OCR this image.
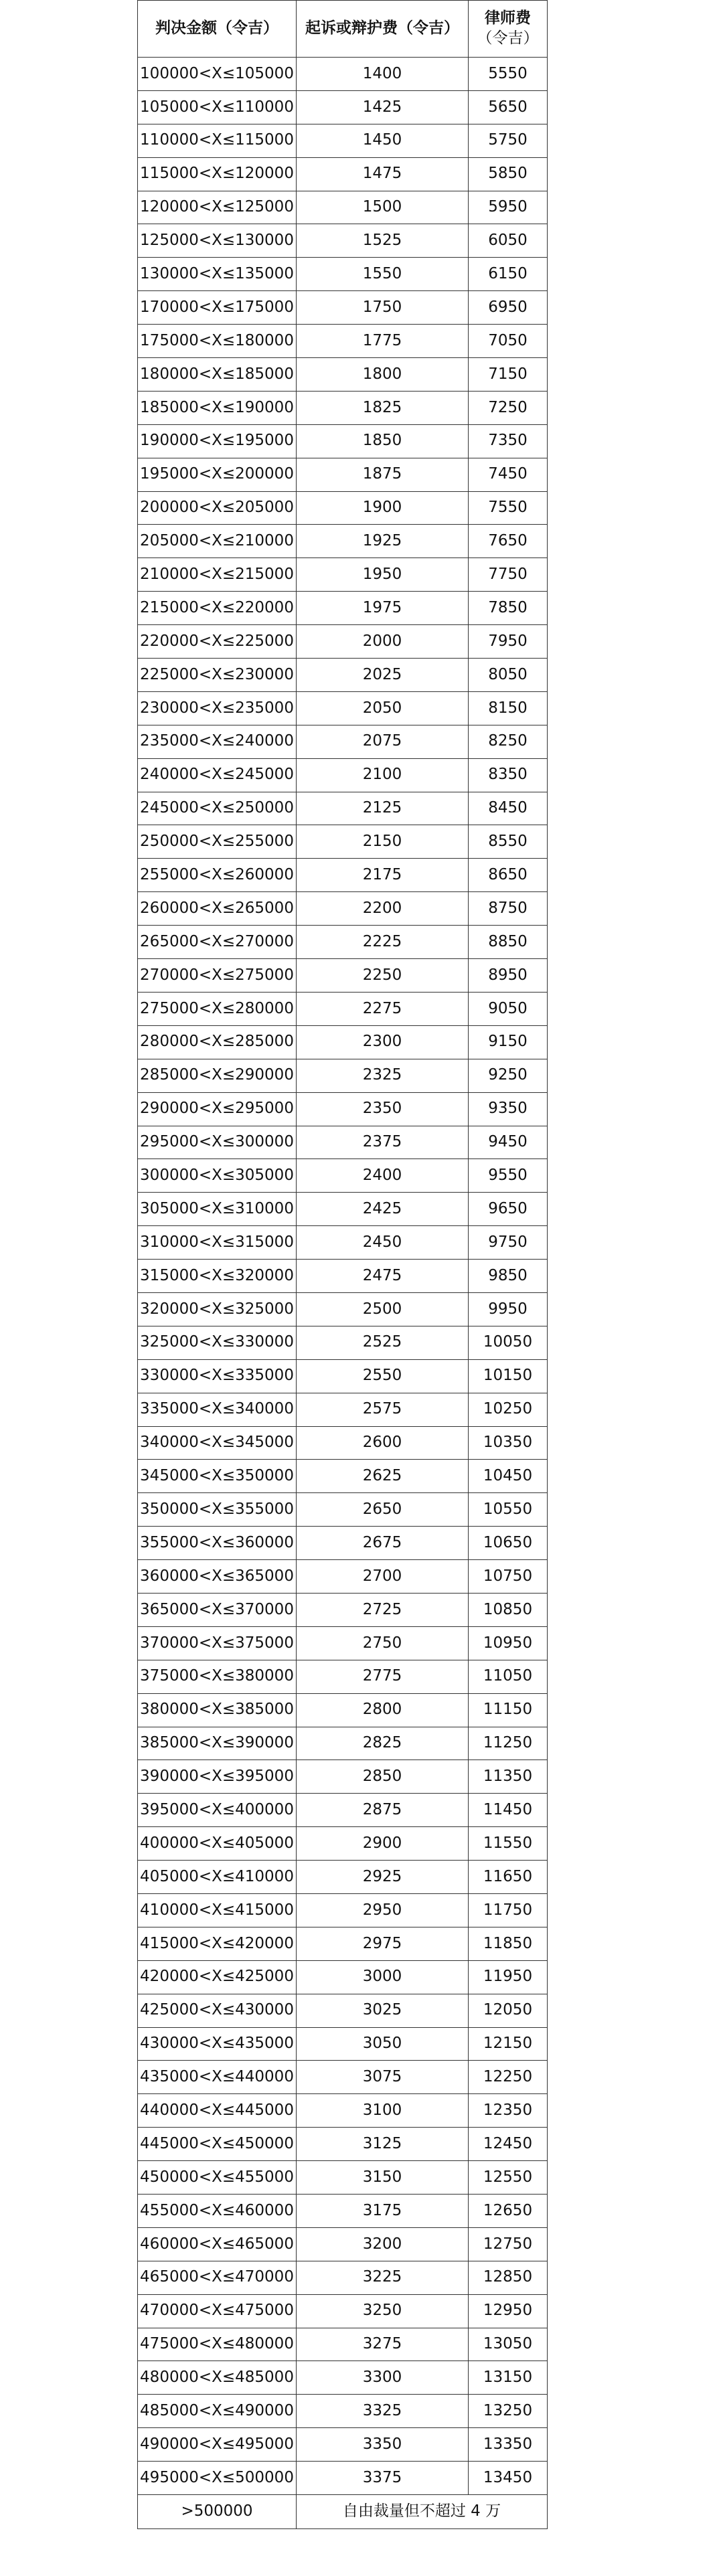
判决金额（令吉）	起诉或辩护费（令吉）	律师费
（令吉）

100000<X≤105000	1400	5550
105000<X≤110000	1425	5650
110000<X≤115000	1450	5750
115000<X≤120000	1475	5850
120000<X≤125000	1500	5950
125000<X≤130000	1525	6050
130000<X≤135000	1550	6150
170000<X≤175000	1750	6950
175000<X≤180000	1775	7050
180000<X≤185000	1800	7150
185000<X≤190000	1825	7250
190000<X≤195000	1850	7350
195000<X≤200000	1875	7450
200000<X≤205000	1900	7550
205000<X≤210000	1925	7650
210000<X≤215000	1950	7750
215000<X≤220000	1975	7850
220000<X≤225000	2000	7950
225000<X≤230000	2025	8050
230000<X≤235000	2050	8150
235000<X≤240000	2075	8250
240000<X≤245000	2100	8350
245000<X≤250000	2125	8450
250000<X≤255000	2150	8550
255000<X≤260000	2175	8650
260000<X≤265000	2200	8750
265000<X≤270000	2225	8850
270000<X≤275000	2250	8950
275000<X≤280000	2275	9050
280000<X≤285000	2300	9150
285000<X≤290000	2325	9250
290000<X≤295000	2350	9350
295000<X≤300000	2375	9450
300000<X≤305000	2400	9550
305000<X≤310000	2425	9650
310000<X≤315000	2450	9750
315000<X≤320000	2475	9850
320000<X≤325000	2500	9950
325000<X≤330000	2525	10050
330000<X≤335000	2550	10150
335000<X≤340000	2575	10250
340000<X≤345000	2600	10350
345000<X≤350000	2625	10450
350000<X≤355000	2650	10550
355000<X≤360000	2675	10650
360000<X≤365000	2700	10750
365000<X≤370000	2725	10850
370000<X≤375000	2750	10950
375000<X≤380000	2775	11050
380000<X≤385000	2800	11150
385000<X≤390000	2825	11250
390000<X≤395000	2850	11350
395000<X≤400000	2875	11450
400000<X≤405000	2900	11550
405000<X≤410000	2925	11650
410000<X≤415000	2950	11750
415000<X≤420000	2975	11850
420000<X≤425000	3000	11950
425000<X≤430000	3025	12050
430000<X≤435000	3050	12150
435000<X≤440000	3075	12250
440000<X≤445000	3100	12350
445000<X≤450000	3125	12450
450000<X≤455000	3150	12550
455000<X≤460000	3175	12650
460000<X≤465000	3200	12750
465000<X≤470000	3225	12850
470000<X≤475000	3250	12950
475000<X≤480000	3275	13050
480000<X≤485000	3300	13150
485000<X≤490000	3325	13250
490000<X≤495000	3350	13350
495000<X≤500000	3375	13450
>500000	自由裁量但不超过 4 万	
